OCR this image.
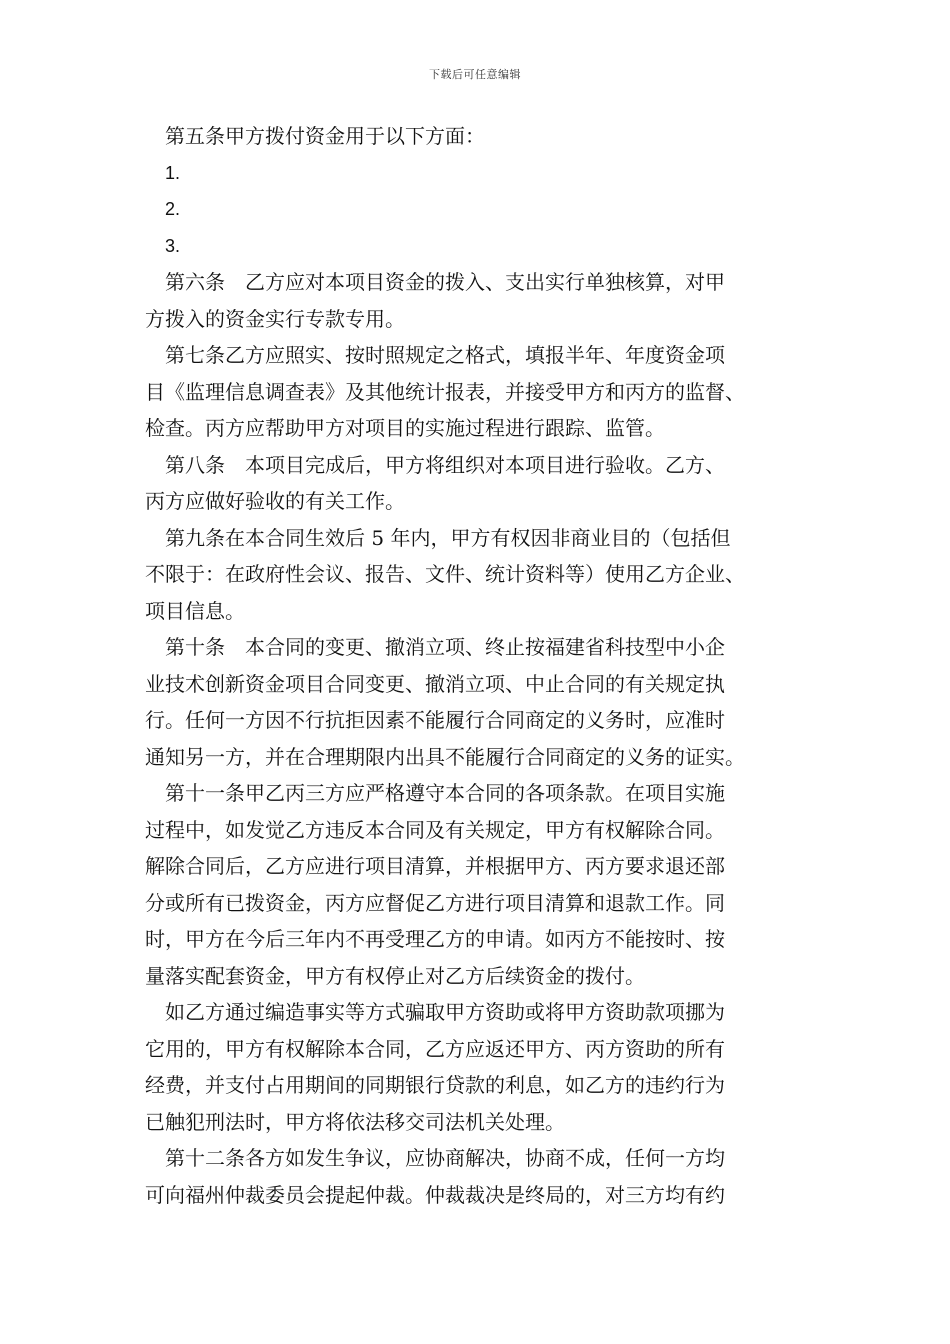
下载后可任意编辑
第五条甲方拨付资金用于以下方面：
1.
2.
3.
第六条　乙方应对本项目资金的拨入、支出实行单独核算，对甲
方拨入的资金实行专款专用。
第七条乙方应照实、按时照规定之格式，填报半年、年度资金项
目《监理信息调查表》及其他统计报表，并接受甲方和丙方的监督、
检查。丙方应帮助甲方对项目的实施过程进行跟踪、监管。
第八条　本项目完成后，甲方将组织对本项目进行验收。乙方、
丙方应做好验收的有关工作。
第九条在本合同生效后 5 年内，甲方有权因非商业目的（包括但
不限于：在政府性会议、报告、文件、统计资料等）使用乙方企业、
项目信息。
第十条　本合同的变更、撤消立项、终止按福建省科技型中小企
业技术创新资金项目合同变更、撤消立项、中止合同的有关规定执
行。任何一方因不行抗拒因素不能履行合同商定的义务时，应准时
通知另一方，并在合理期限内出具不能履行合同商定的义务的证实。
第十一条甲乙丙三方应严格遵守本合同的各项条款。在项目实施
过程中，如发觉乙方违反本合同及有关规定，甲方有权解除合同。
解除合同后，乙方应进行项目清算，并根据甲方、丙方要求退还部
分或所有已拨资金，丙方应督促乙方进行项目清算和退款工作。同
时，甲方在今后三年内不再受理乙方的申请。如丙方不能按时、按
量落实配套资金，甲方有权停止对乙方后续资金的拨付。
如乙方通过编造事实等方式骗取甲方资助或将甲方资助款项挪为
它用的，甲方有权解除本合同，乙方应返还甲方、丙方资助的所有
经费，并支付占用期间的同期银行贷款的利息，如乙方的违约行为
已触犯刑法时，甲方将依法移交司法机关处理。
第十二条各方如发生争议，应协商解决，协商不成，任何一方均
可向福州仲裁委员会提起仲裁。仲裁裁决是终局的，对三方均有约
